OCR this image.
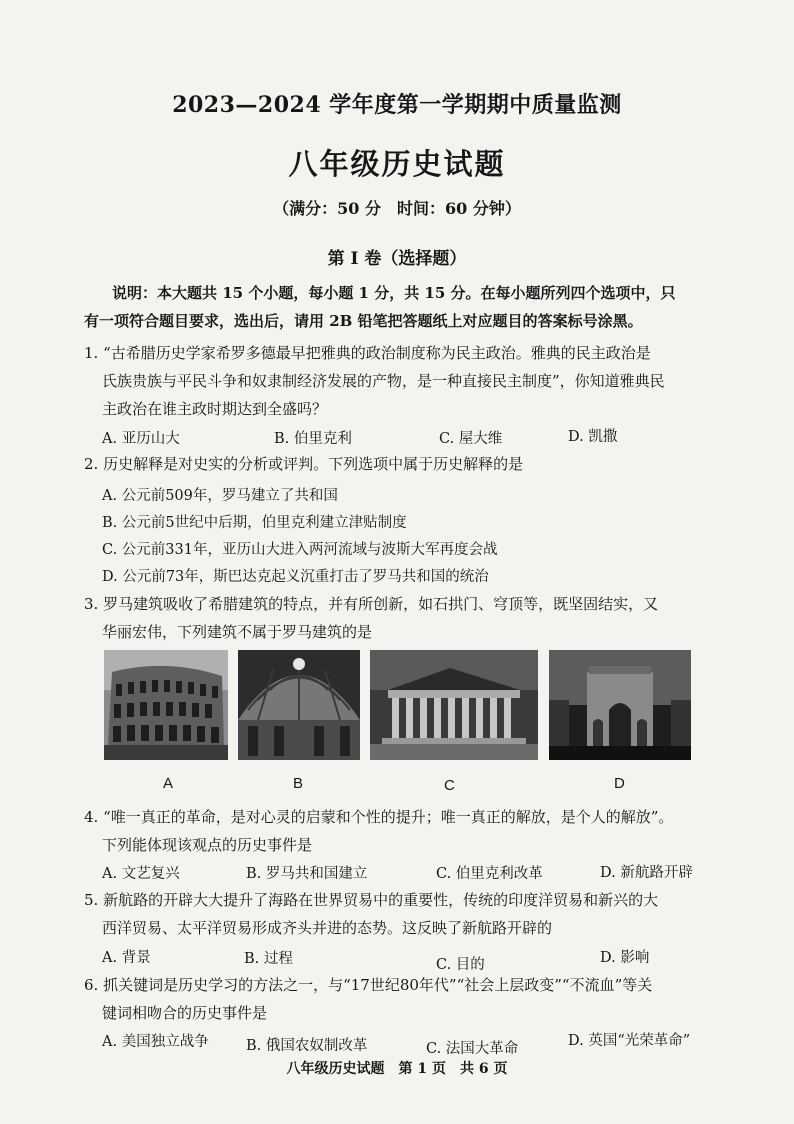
2023—2024 学年度第一学期期中质量监测
八年级历史试题
（满分：50 分　时间：60 分钟）
第 I 卷（选择题）
说明：本大题共 15 个小题，每小题 1 分，共 15 分。在每小题所列四个选项中，只
有一项符合题目要求，选出后，请用 2B 铅笔把答题纸上对应题目的答案标号涂黑。
1. “古希腊历史学家希罗多德最早把雅典的政治制度称为民主政治。雅典的民主政治是
氏族贵族与平民斗争和奴隶制经济发展的产物，是一种直接民主制度”，你知道雅典民
主政治在谁主政时期达到全盛吗？
A. 亚历山大	B. 伯里克利	C. 屋大维	D. 凯撒
2. 历史解释是对史实的分析或评判。下列选项中属于历史解释的是
A. 公元前509年，罗马建立了共和国
B. 公元前5世纪中后期，伯里克利建立津贴制度
C. 公元前331年，亚历山大进入两河流域与波斯大军再度会战
D. 公元前73年，斯巴达克起义沉重打击了罗马共和国的统治
3. 罗马建筑吸收了希腊建筑的特点，并有所创新，如石拱门、穹顶等，既坚固结实，又
华丽宏伟，下列建筑不属于罗马建筑的是
A	B	C	D
4. “唯一真正的革命，是对心灵的启蒙和个性的提升；唯一真正的解放，是个人的解放”。
下列能体现该观点的历史事件是
A. 文艺复兴	B. 罗马共和国建立	C. 伯里克利改革	D. 新航路开辟
5. 新航路的开辟大大提升了海路在世界贸易中的重要性，传统的印度洋贸易和新兴的大
西洋贸易、太平洋贸易形成齐头并进的态势。这反映了新航路开辟的
A. 背景	B. 过程	C. 目的	D. 影响
6. 抓关键词是历史学习的方法之一，与“17世纪80年代”“社会上层政变”“不流血”等关
键词相吻合的历史事件是
A. 美国独立战争	B. 俄国农奴制改革	C. 法国大革命	D. 英国“光荣革命”
八年级历史试题　第 1 页　共 6 页
